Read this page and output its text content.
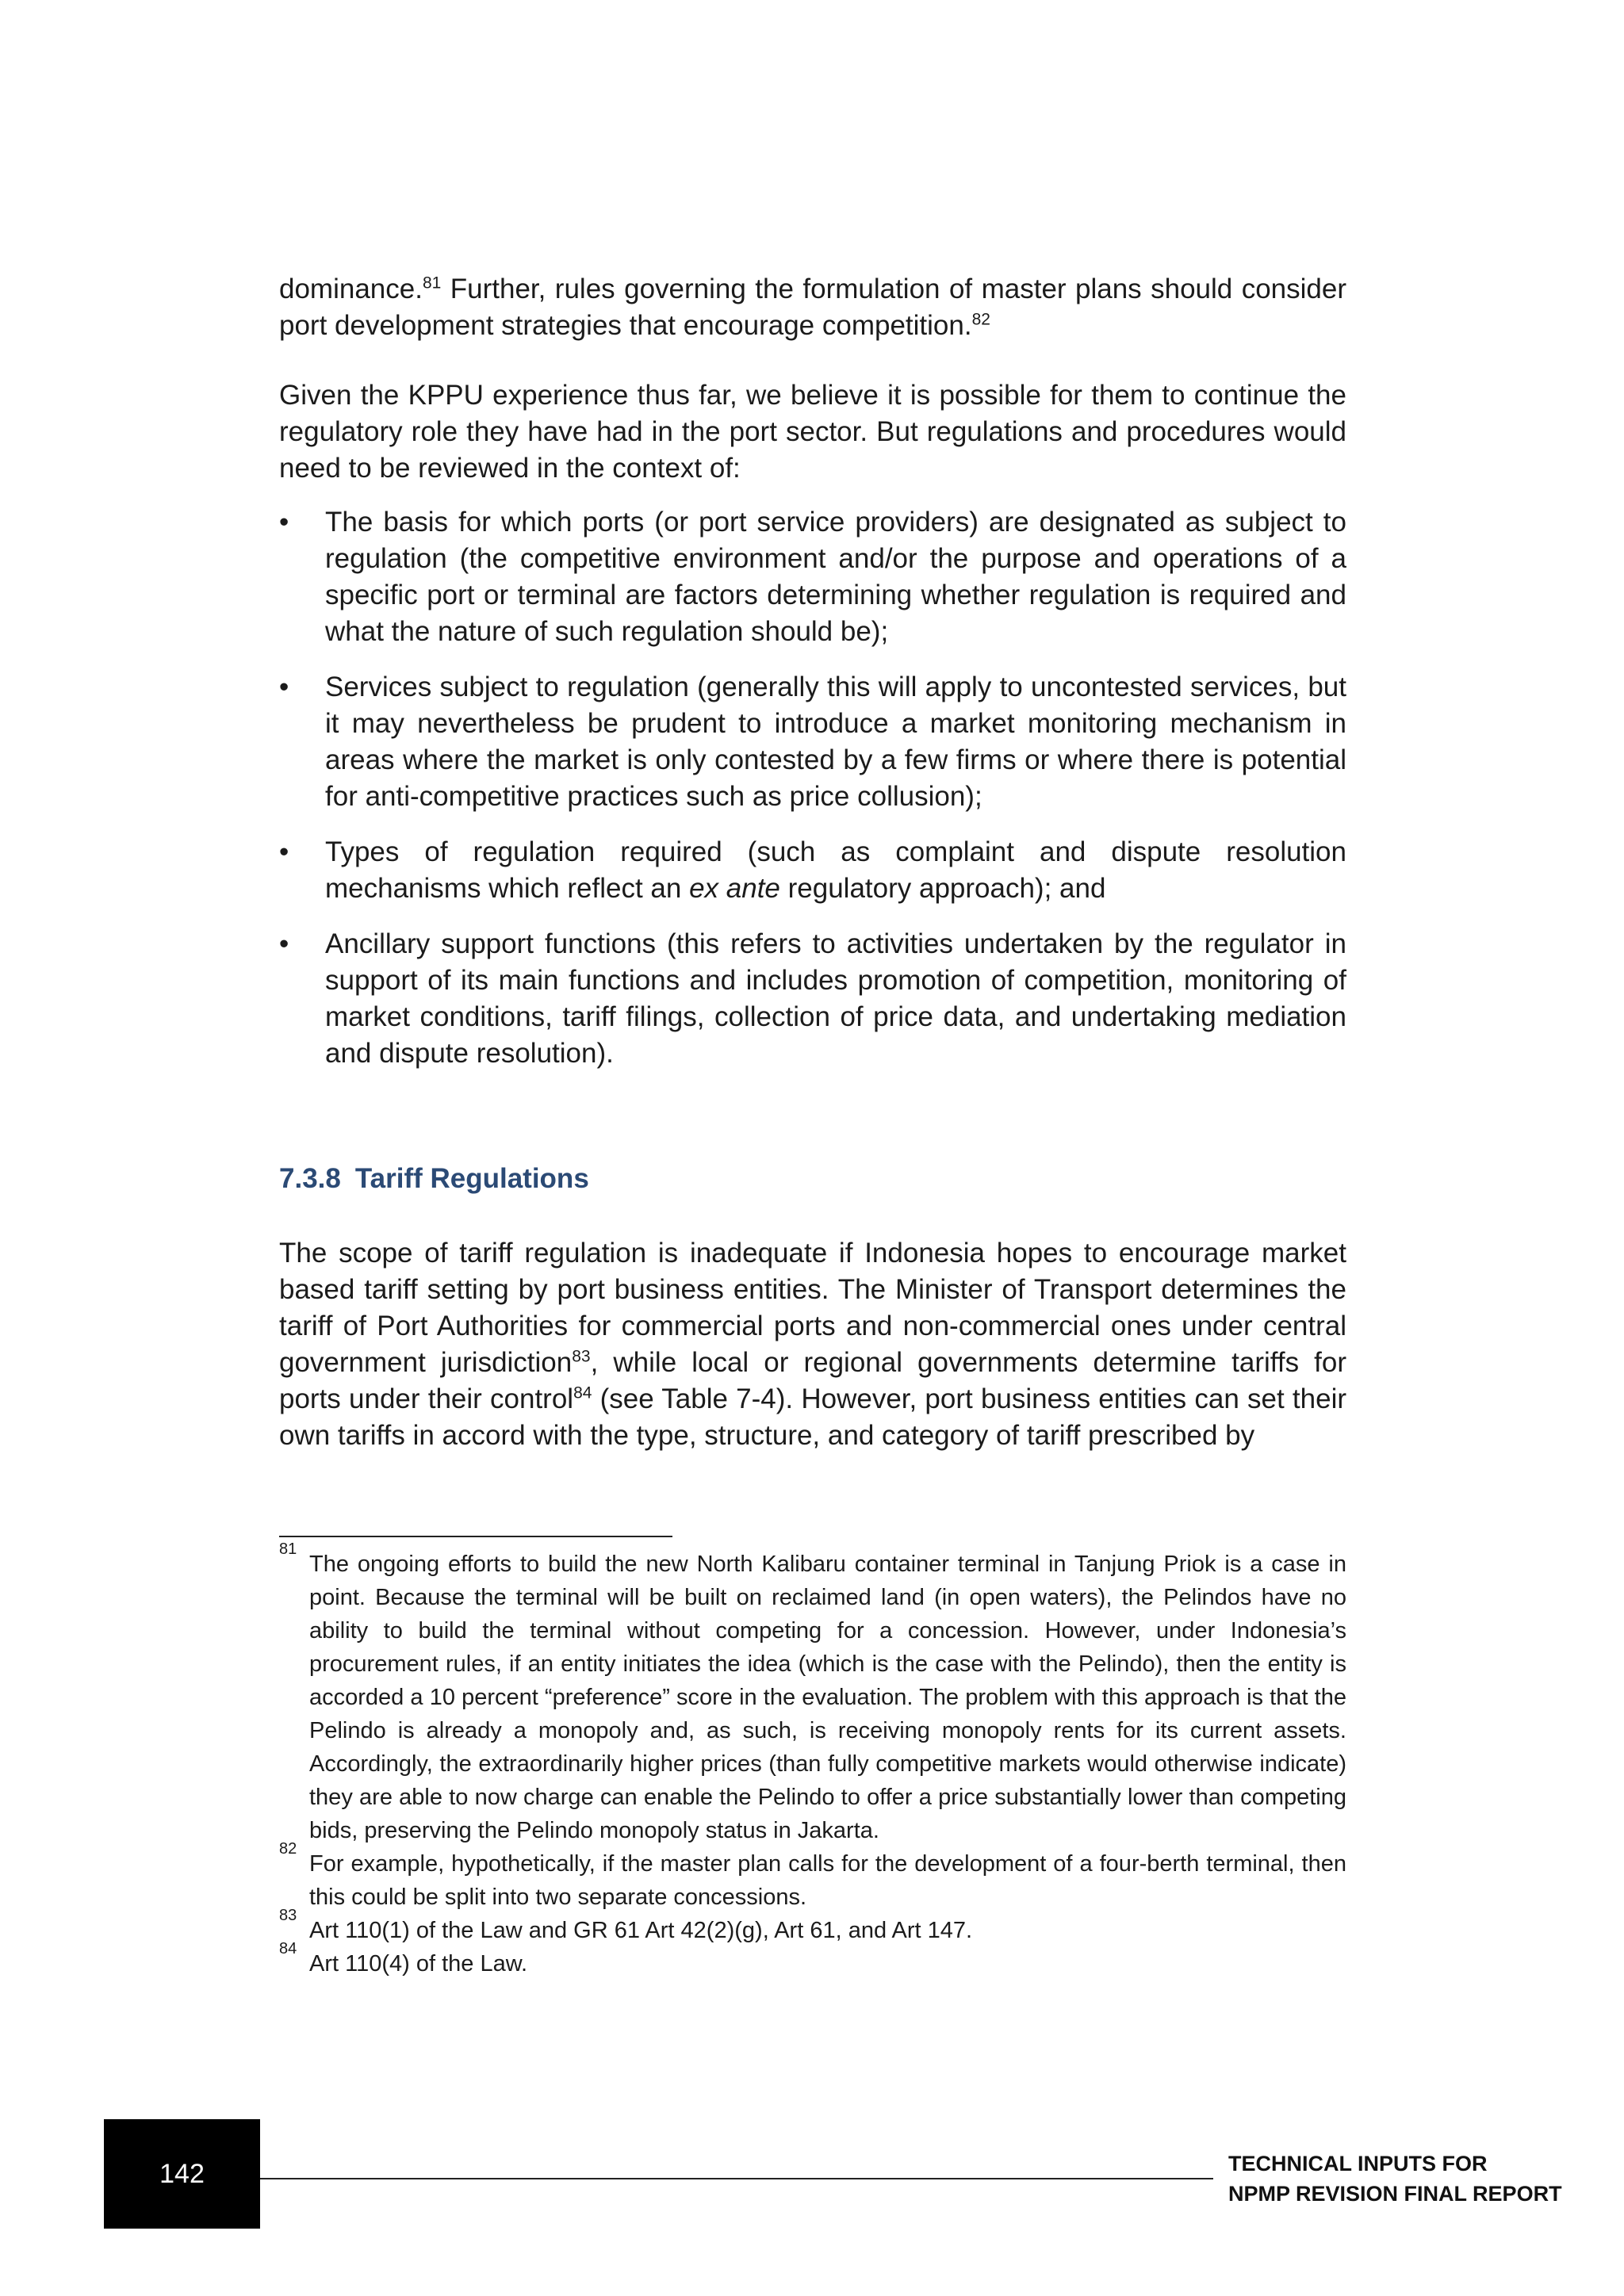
dominance.$^{81}$ Further, rules governing the formulation of master plans should consider port development strategies that encourage competition.$^{82}$

Given the KPPU experience thus far, we believe it is possible for them to continue the regulatory role they have had in the port sector. But regulations and procedures would need to be reviewed in the context of:

• The basis for which ports (or port service providers) are designated as subject to regulation (the competitive environment and/or the purpose and operations of a specific port or terminal are factors determining whether regulation is required and what the nature of such regulation should be);
• Services subject to regulation (generally this will apply to uncontested services, but it may nevertheless be prudent to introduce a market monitoring mechanism in areas where the market is only contested by a few firms or where there is potential for anti-competitive practices such as price collusion);
• Types of regulation required (such as complaint and dispute resolution mechanisms which reflect an ex ante regulatory approach); and
• Ancillary support functions (this refers to activities undertaken by the regulator in support of its main functions and includes promotion of competition, monitoring of market conditions, tariff filings, collection of price data, and undertaking mediation and dispute resolution).
7.3.8 Tariff Regulations

The scope of tariff regulation is inadequate if Indonesia hopes to encourage market based tariff setting by port business entities. The Minister of Transport determines the tariff of Port Authorities for commercial ports and non-commercial ones under central government jurisdiction$^{83}$, while local or regional governments determine tariffs for ports under their control$^{84}$ (see Table 7-4). However, port business entities can set their own tariffs in accord with the type, structure, and category of tariff prescribed by

81
The ongoing efforts to build the new North Kalibaru container terminal in Tanjung Priok is a case in point. Because the terminal will be built on reclaimed land (in open waters), the Pelindos have no ability to build the terminal without competing for a concession. However, under Indonesia’s procurement rules, if an entity initiates the idea (which is the case with the Pelindo), then the entity is accorded a 10 percent “preference” score in the evaluation. The problem with this approach is that the Pelindo is already a monopoly and, as such, is receiving monopoly rents for its current assets. Accordingly, the extraordinarily higher prices (than fully competitive markets would otherwise indicate) they are able to now charge can enable the Pelindo to offer a price substantially lower than competing bids, preserving the Pelindo monopoly status in Jakarta.
82
For example, hypothetically, if the master plan calls for the development of a four-berth terminal, then this could be split into two separate concessions.
83
Art 110(1) of the Law and GR 61 Art 42(2)(g), Art 61, and Art 147.
84
Art 110(4) of the Law.
142	TECHNICAL INPUTS FOR
NPMP REVISION FINAL REPORT
